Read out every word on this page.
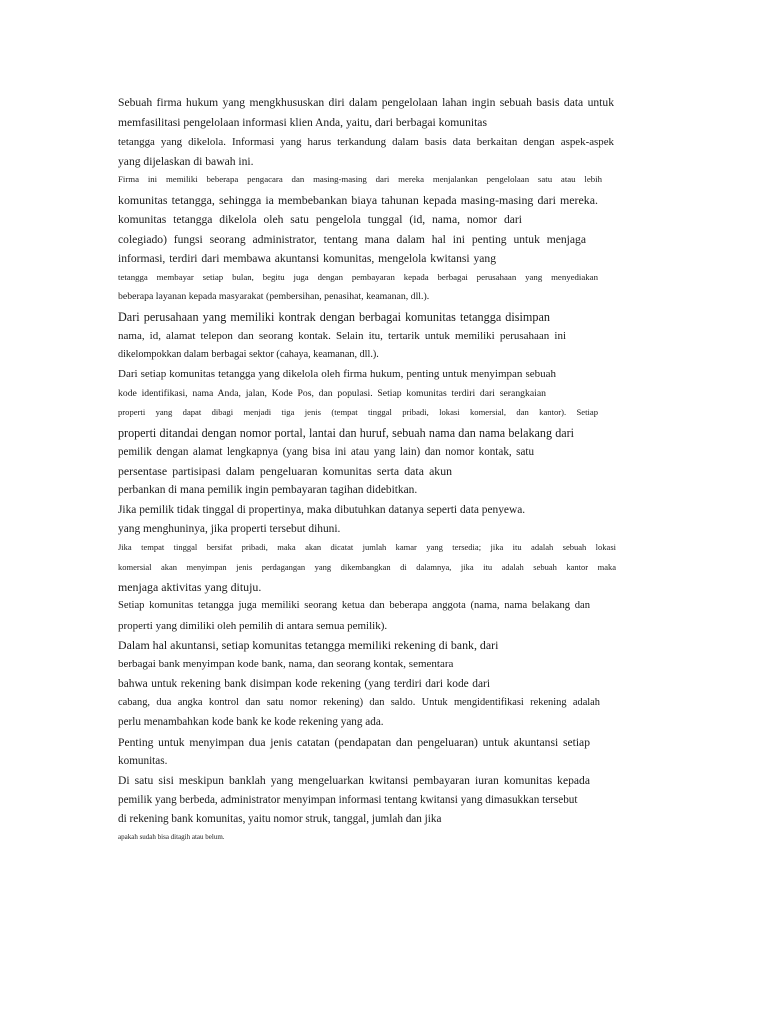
Sebuah firma hukum yang mengkhususkan diri dalam pengelolaan lahan ingin sebuah basis data untuk

memfasilitasi pengelolaan informasi klien Anda, yaitu, dari berbagai komunitas

tetangga yang dikelola. Informasi yang harus terkandung dalam basis data berkaitan dengan aspek-aspek

yang dijelaskan di bawah ini.

Firma ini memiliki beberapa pengacara dan masing-masing dari mereka menjalankan pengelolaan satu atau lebih

komunitas tetangga, sehingga ia membebankan biaya tahunan kepada masing-masing dari mereka.

komunitas tetangga dikelola oleh satu pengelola tunggal (id, nama, nomor dari

colegiado) fungsi seorang administrator, tentang mana dalam hal ini penting untuk menjaga

informasi, terdiri dari membawa akuntansi komunitas, mengelola kwitansi yang

tetangga membayar setiap bulan, begitu juga dengan pembayaran kepada berbagai perusahaan yang menyediakan

beberapa layanan kepada masyarakat (pembersihan, penasihat, keamanan, dll.).

Dari perusahaan yang memiliki kontrak dengan berbagai komunitas tetangga disimpan

nama, id, alamat telepon dan seorang kontak. Selain itu, tertarik untuk memiliki perusahaan ini

dikelompokkan dalam berbagai sektor (cahaya, keamanan, dll.).

Dari setiap komunitas tetangga yang dikelola oleh firma hukum, penting untuk menyimpan sebuah

kode identifikasi, nama Anda, jalan, Kode Pos, dan populasi. Setiap komunitas terdiri dari serangkaian

properti yang dapat dibagi menjadi tiga jenis (tempat tinggal pribadi, lokasi komersial, dan kantor). Setiap

properti ditandai dengan nomor portal, lantai dan huruf, sebuah nama dan nama belakang dari

pemilik dengan alamat lengkapnya (yang bisa ini atau yang lain) dan nomor kontak, satu

persentase partisipasi dalam pengeluaran komunitas serta data akun

perbankan di mana pemilik ingin pembayaran tagihan didebitkan.

Jika pemilik tidak tinggal di propertinya, maka dibutuhkan datanya seperti data penyewa.

yang menghuninya, jika properti tersebut dihuni.

Jika tempat tinggal bersifat pribadi, maka akan dicatat jumlah kamar yang tersedia; jika itu adalah sebuah lokasi

komersial akan menyimpan jenis perdagangan yang dikembangkan di dalamnya, jika itu adalah sebuah kantor maka

menjaga aktivitas yang dituju.

Setiap komunitas tetangga juga memiliki seorang ketua dan beberapa anggota (nama, nama belakang dan

properti yang dimiliki oleh pemilih di antara semua pemilik).

Dalam hal akuntansi, setiap komunitas tetangga memiliki rekening di bank, dari

berbagai bank menyimpan kode bank, nama, dan seorang kontak, sementara

bahwa untuk rekening bank disimpan kode rekening (yang terdiri dari kode dari

cabang, dua angka kontrol dan satu nomor rekening) dan saldo. Untuk mengidentifikasi rekening adalah

perlu menambahkan kode bank ke kode rekening yang ada.

Penting untuk menyimpan dua jenis catatan (pendapatan dan pengeluaran) untuk akuntansi setiap

komunitas.

Di satu sisi meskipun banklah yang mengeluarkan kwitansi pembayaran iuran komunitas kepada

pemilik yang berbeda, administrator menyimpan informasi tentang kwitansi yang dimasukkan tersebut

di rekening bank komunitas, yaitu nomor struk, tanggal, jumlah dan jika

apakah sudah bisa ditagih atau belum.
